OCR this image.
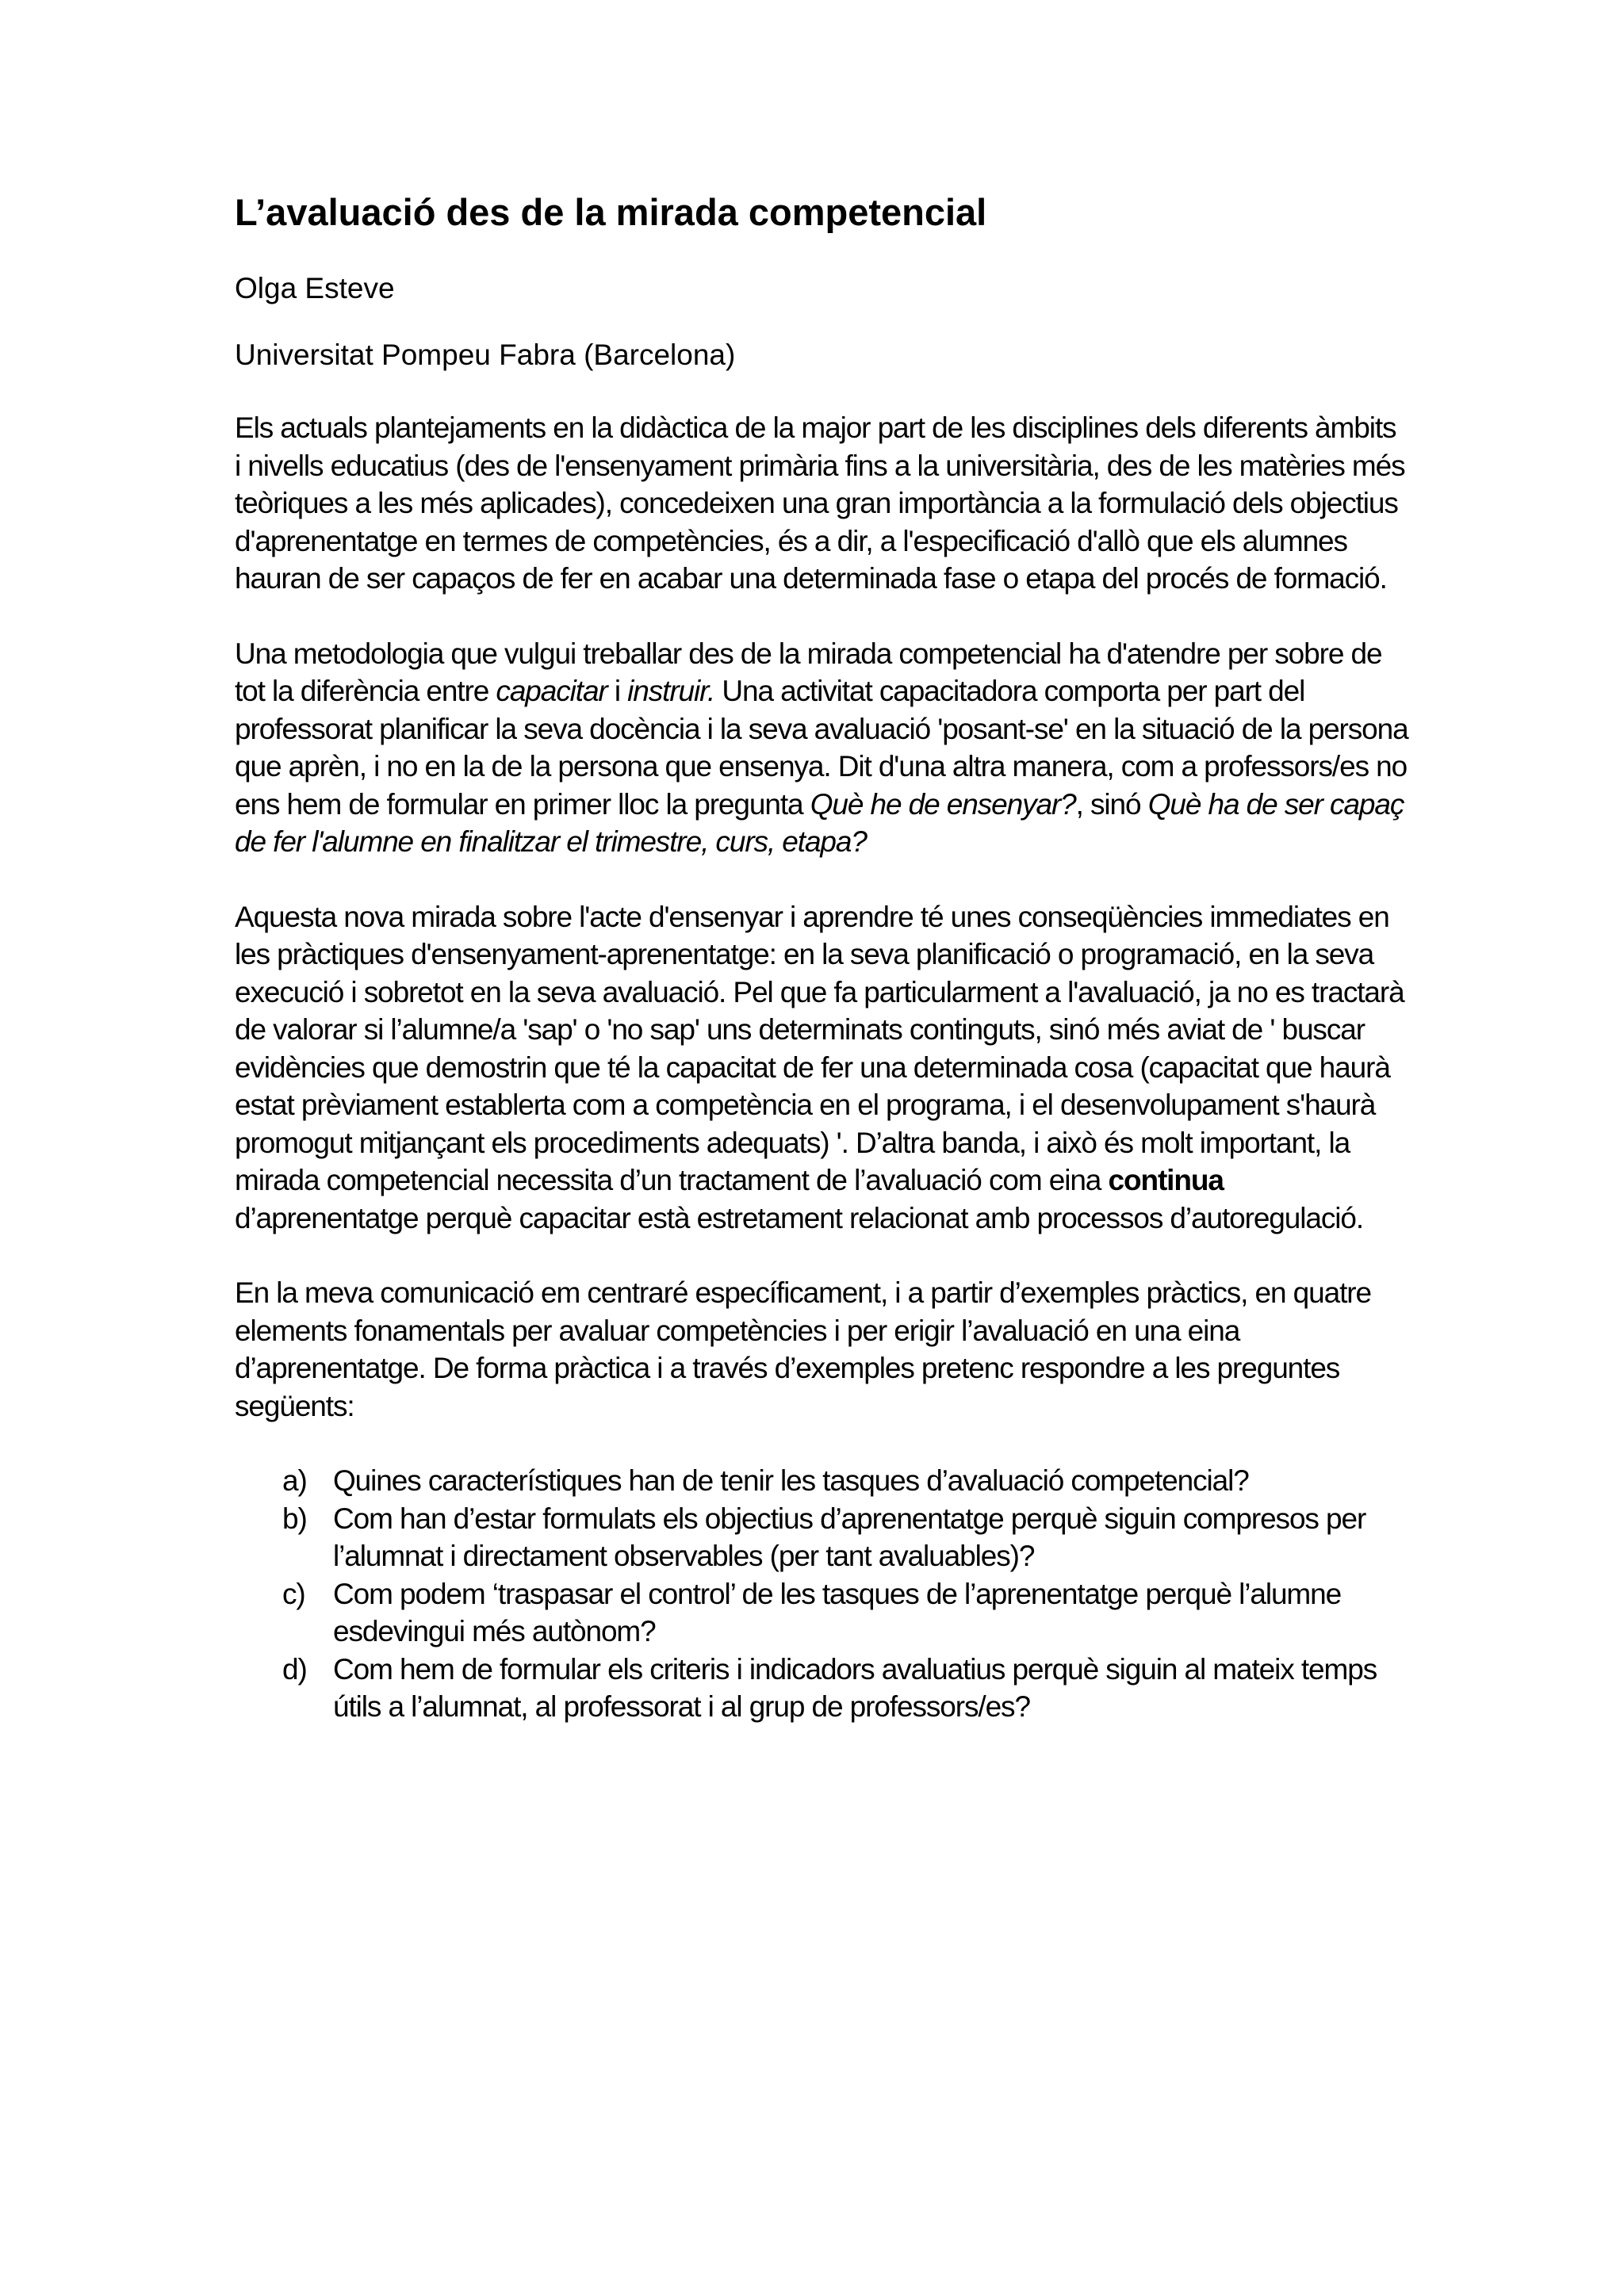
L’avaluació des de la mirada competencial

Olga Esteve

Universitat Pompeu Fabra (Barcelona)

Els actuals plantejaments en la didàctica de la major part de les disciplines dels diferents àmbits i nivells educatius (des de l'ensenyament primària fins a la universitària, des de les matèries més teòriques a les més aplicades), concedeixen una gran importància a la formulació dels objectius d'aprenentatge en termes de competències, és a dir, a l'especificació d'allò que els alumnes hauran de ser capaços de fer en acabar una determinada fase o etapa del procés de formació.

Una metodologia que vulgui treballar des de la mirada competencial ha d'atendre per sobre de tot la diferència entre capacitar i instruir. Una activitat capacitadora comporta per part del professorat planificar la seva docència i la seva avaluació 'posant-se' en la situació de la persona que aprèn, i no en la de la persona que ensenya. Dit d'una altra manera, com a professors/es no ens hem de formular en primer lloc la pregunta Què he de ensenyar?, sinó Què ha de ser capaç de fer l'alumne en finalitzar el trimestre, curs, etapa?

Aquesta nova mirada sobre l'acte d'ensenyar i aprendre té unes conseqüències immediates en les pràctiques d'ensenyament-aprenentatge: en la seva planificació o programació, en la seva execució i sobretot en la seva avaluació. Pel que fa particularment a l'avaluació, ja no es tractarà de valorar si l’alumne/a 'sap' o 'no sap' uns determinats continguts, sinó més aviat de ' buscar evidències que demostrin que té la capacitat de fer una determinada cosa (capacitat que haurà estat prèviament establerta com a competència en el programa, i el desenvolupament s'haurà promogut mitjançant els procediments adequats) '. D’altra banda, i això és molt important, la mirada competencial necessita d’un tractament de l’avaluació com eina continua d’aprenentatge perquè capacitar està estretament relacionat amb processos d’autoregulació.

En la meva comunicació em centraré específicament, i a partir d’exemples pràctics, en quatre elements fonamentals per avaluar competències i per erigir l’avaluació en una eina d’aprenentatge. De forma pràctica i a través d’exemples pretenc respondre a les preguntes següents:

a) Quines característiques han de tenir les tasques d’avaluació competencial?
b) Com han d’estar formulats els objectius d’aprenentatge perquè siguin compresos per l’alumnat i directament observables (per tant avaluables)?
c) Com podem ‘traspasar el control’ de les tasques de l’aprenentatge perquè l’alumne esdevingui més autònom?
d) Com hem de formular els criteris i indicadors avaluatius perquè siguin al mateix temps útils a l’alumnat, al professorat i al grup de professors/es?
